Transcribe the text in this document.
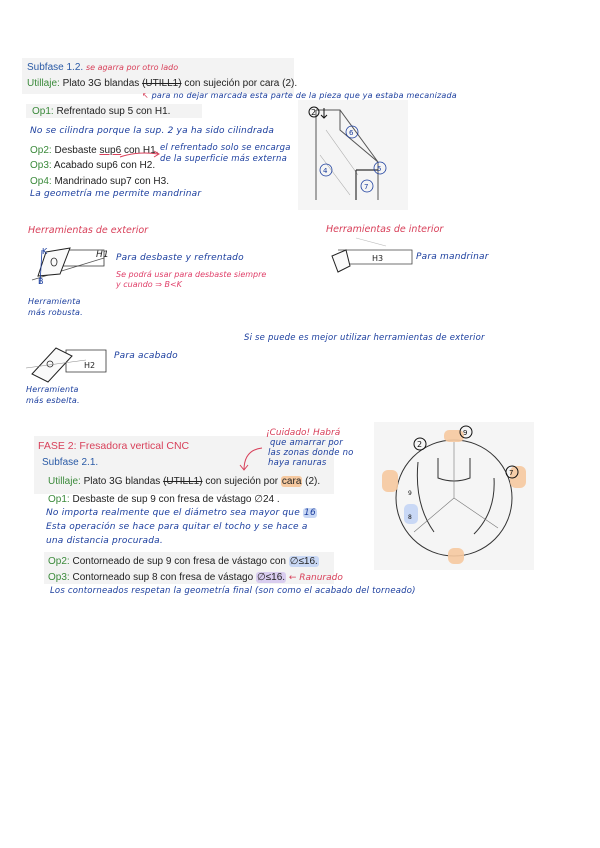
Subfase 1.2. se agarra por otro lado
Utillaje: Plato 3G blandas (UTILL1) con sujeción por cara (2).
↖ para no dejar marcada esta parte de la pieza que ya estaba mecanizada
Op1: Refrentado sup 5 con H1.
No se cilindra porque la sup. 2 ya ha sido cilindrada
Op2: Desbaste sup6 con H1. el refrentado solo se encarga
de la superficie más externa
Op3: Acabado sup6 con H2.
Op4: Mandrinado sup7 con H3.
La geometría me permite mandrinar
2
6
4	5
7
Herramientas de exterior	Herramientas de interior
K
B
H1 Para desbaste y refrentado
Se podrá usar para desbaste siempre
y cuando ⇒ B<K
Herramienta
más robusta.
H3	Para mandrinar
Si se puede es mejor utilizar herramientas de exterior
H2
Para acabado
Herramienta
más esbelta.
FASE 2: Fresadora vertical CNC
Subfase 2.1.
¡Cuidado! Habrá
que amarrar por
las zonas donde no
haya ranuras
Utillaje: Plato 3G blandas (UTILL1) con sujeción por cara (2).
Op1: Desbaste de sup 9 con fresa de vástago ∅24 .
No importa realmente que el diámetro sea mayor que 16
Esta operación se hace para quitar el tocho y se hace a
una distancia procurada.
Op2: Contorneado de sup 9 con fresa de vástago con ∅≤16.
Op3: Contorneado sup 8 con fresa de vástago ∅≤16. ← Ranurado
Los contorneados respetan la geometría final (son como el acabado del torneado)
2
9
7
9
8
